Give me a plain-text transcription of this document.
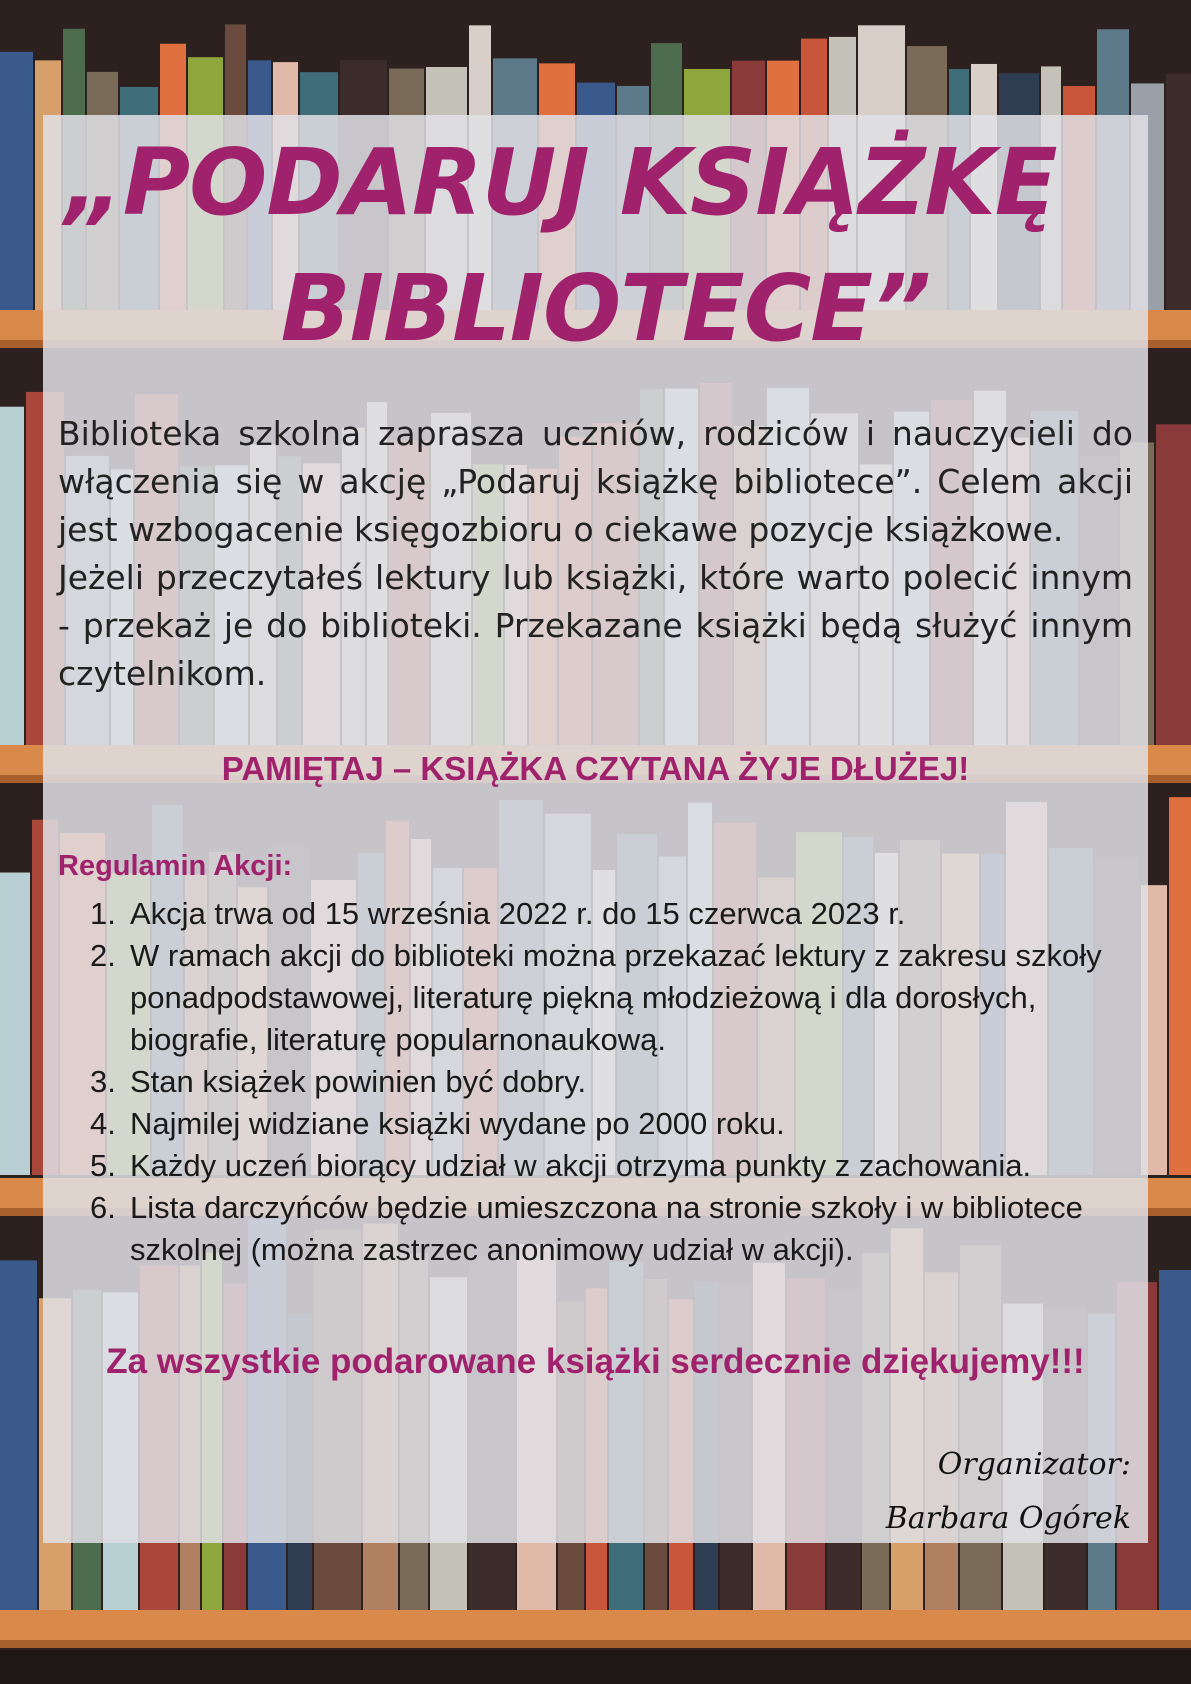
„PODARUJ KSIĄŻKĘ
BIBLIOTECE”

Biblioteka szkolna zaprasza uczniów, rodziców i nauczycieli do włączenia się w akcję „Podaruj książkę bibliotece”. Celem akcji jest wzbogacenie księgozbioru o ciekawe pozycje książkowe.

Jeżeli przeczytałeś lektury lub książki, które warto polecić innym - przekaż je do biblioteki. Przekazane książki będą służyć innym czytelnikom.

PAMIĘTAJ – KSIĄŻKA CZYTANA ŻYJE DŁUŻEJ!
Regulamin Akcji:
1. Akcja trwa od 15 września 2022 r. do 15 czerwca 2023 r.
2. W ramach akcji do biblioteki można przekazać lektury z zakresu szkoły ponadpodstawowej, literaturę piękną młodzieżową i dla dorosłych, biografie, literaturę popularnonaukową.
3. Stan książek powinien być dobry.
4. Najmilej widziane książki wydane po 2000 roku.
5. Każdy uczeń biorący udział w akcji otrzyma punkty z zachowania.
6. Lista darczyńców będzie umieszczona na stronie szkoły i w bibliotece szkolnej (można zastrzec anonimowy udział w akcji).
Za wszystkie podarowane książki serdecznie dziękujemy!!!
Organizator:
Barbara Ogórek
